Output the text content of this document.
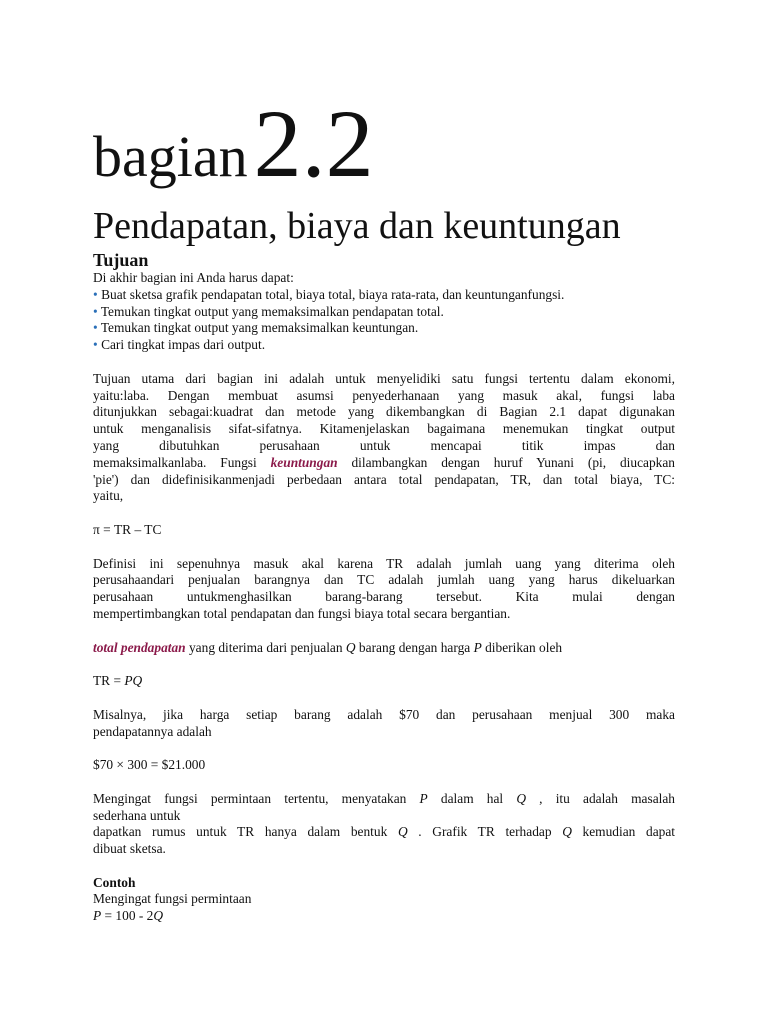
bagian2.2
Pendapatan, biaya dan keuntungan
Tujuan
Di akhir bagian ini Anda harus dapat:
• Buat sketsa grafik pendapatan total, biaya total, biaya rata-rata, dan keuntunganfungsi.
• Temukan tingkat output yang memaksimalkan pendapatan total.
• Temukan tingkat output yang memaksimalkan keuntungan.
• Cari tingkat impas dari output.
Tujuan utama dari bagian ini adalah untuk menyelidiki satu fungsi tertentu dalam ekonomi,
yaitu:laba. Dengan membuat asumsi penyederhanaan yang masuk akal, fungsi laba
ditunjukkan sebagai:kuadrat dan metode yang dikembangkan di Bagian 2.1 dapat digunakan
untuk menganalisis sifat-sifatnya. Kitamenjelaskan bagaimana menemukan tingkat output
yang dibutuhkan perusahaan untuk mencapai titik impas dan
memaksimalkanlaba. Fungsi keuntungan dilambangkan dengan huruf Yunani (pi, diucapkan
'pie') dan didefinisikanmenjadi perbedaan antara total pendapatan, TR, dan total biaya, TC:
yaitu,
π = TR – TC
Definisi ini sepenuhnya masuk akal karena TR adalah jumlah uang yang diterima oleh
perusahaandari penjualan barangnya dan TC adalah jumlah uang yang harus dikeluarkan
perusahaan untukmenghasilkan barang-barang tersebut. Kita mulai dengan
mempertimbangkan total pendapatan dan fungsi biaya total secara bergantian.
total pendapatan yang diterima dari penjualan Q barang dengan harga P diberikan oleh
TR = PQ
Misalnya, jika harga setiap barang adalah $70 dan perusahaan menjual 300 maka
pendapatannya adalah
$70 × 300 = $21.000
Mengingat fungsi permintaan tertentu, menyatakan P dalam hal Q , itu adalah masalah
sederhana untuk
dapatkan rumus untuk TR hanya dalam bentuk Q . Grafik TR terhadap Q kemudian dapat
dibuat sketsa.
Contoh
Mengingat fungsi permintaan
P = 100 - 2Q
